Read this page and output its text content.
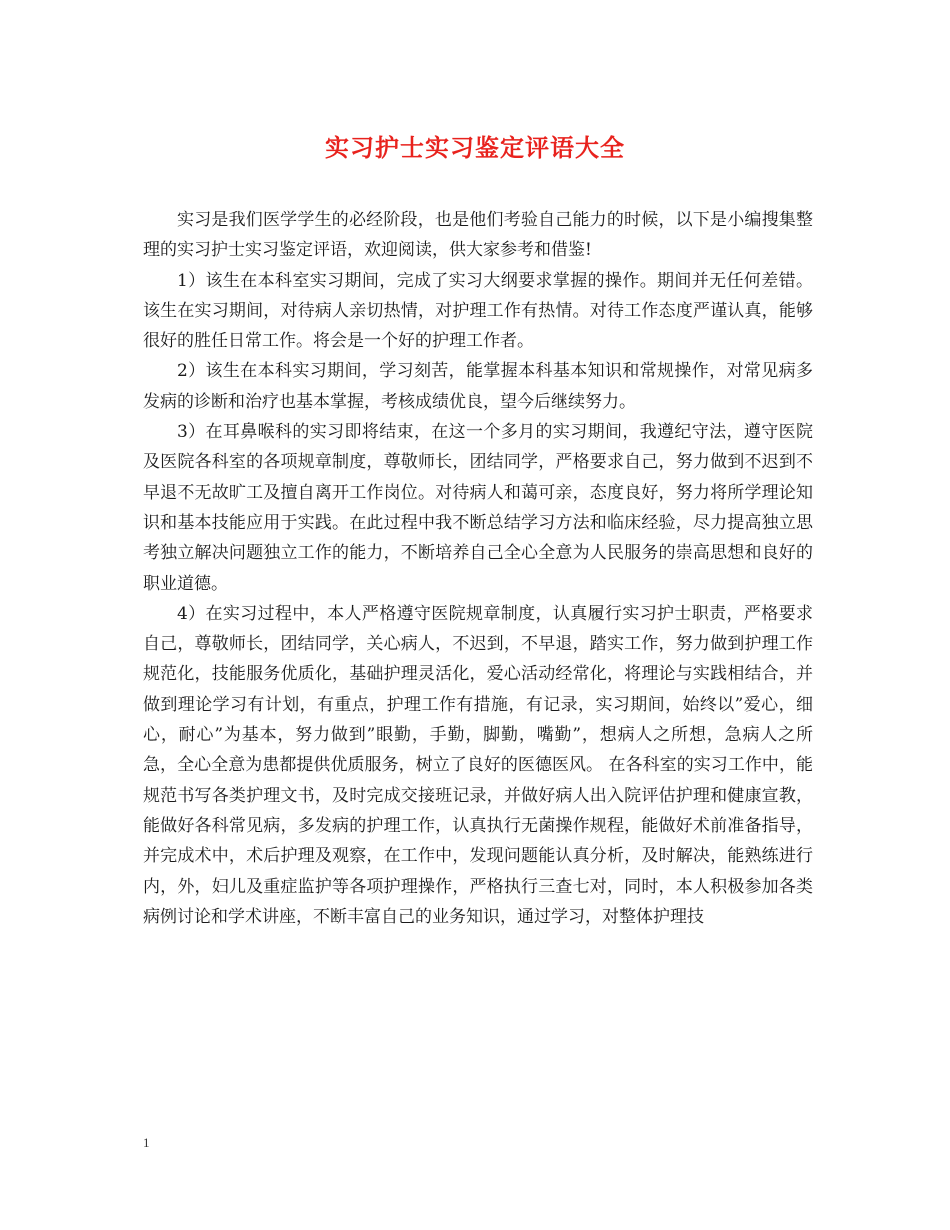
实习护士实习鉴定评语大全

实习是我们医学学生的必经阶段，也是他们考验自己能力的时候，以下是小编搜集整理的实习护士实习鉴定评语，欢迎阅读，供大家参考和借鉴!

1）该生在本科室实习期间，完成了实习大纲要求掌握的操作。期间并无任何差错。该生在实习期间，对待病人亲切热情，对护理工作有热情。对待工作态度严谨认真，能够很好的胜任日常工作。将会是一个好的护理工作者。

2）该生在本科实习期间，学习刻苦，能掌握本科基本知识和常规操作，对常见病多发病的诊断和治疗也基本掌握，考核成绩优良，望今后继续努力。

3）在耳鼻喉科的实习即将结束，在这一个多月的实习期间，我遵纪守法，遵守医院及医院各科室的各项规章制度，尊敬师长，团结同学，严格要求自己，努力做到不迟到不早退不无故旷工及擅自离开工作岗位。对待病人和蔼可亲，态度良好，努力将所学理论知识和基本技能应用于实践。在此过程中我不断总结学习方法和临床经验，尽力提高独立思考独立解决问题独立工作的能力，不断培养自己全心全意为人民服务的崇高思想和良好的职业道德。

4）在实习过程中，本人严格遵守医院规章制度，认真履行实习护士职责，严格要求自己，尊敬师长，团结同学，关心病人，不迟到，不早退，踏实工作，努力做到护理工作规范化，技能服务优质化，基础护理灵活化，爱心活动经常化，将理论与实践相结合，并做到理论学习有计划，有重点，护理工作有措施，有记录，实习期间，始终以”爱心，细心，耐心”为基本，努力做到”眼勤，手勤，脚勤，嘴勤”，想病人之所想，急病人之所急，全心全意为患都提供优质服务，树立了良好的医德医风。 在各科室的实习工作中，能规范书写各类护理文书，及时完成交接班记录，并做好病人出入院评估护理和健康宣教，能做好各科常见病，多发病的护理工作，认真执行无菌操作规程，能做好术前准备指导，并完成术中，术后护理及观察，在工作中，发现问题能认真分析，及时解决，能熟练进行内，外，妇儿及重症监护等各项护理操作，严格执行三查七对，同时，本人积极参加各类病例讨论和学术讲座，不断丰富自己的业务知识，通过学习，对整体护理技

1
